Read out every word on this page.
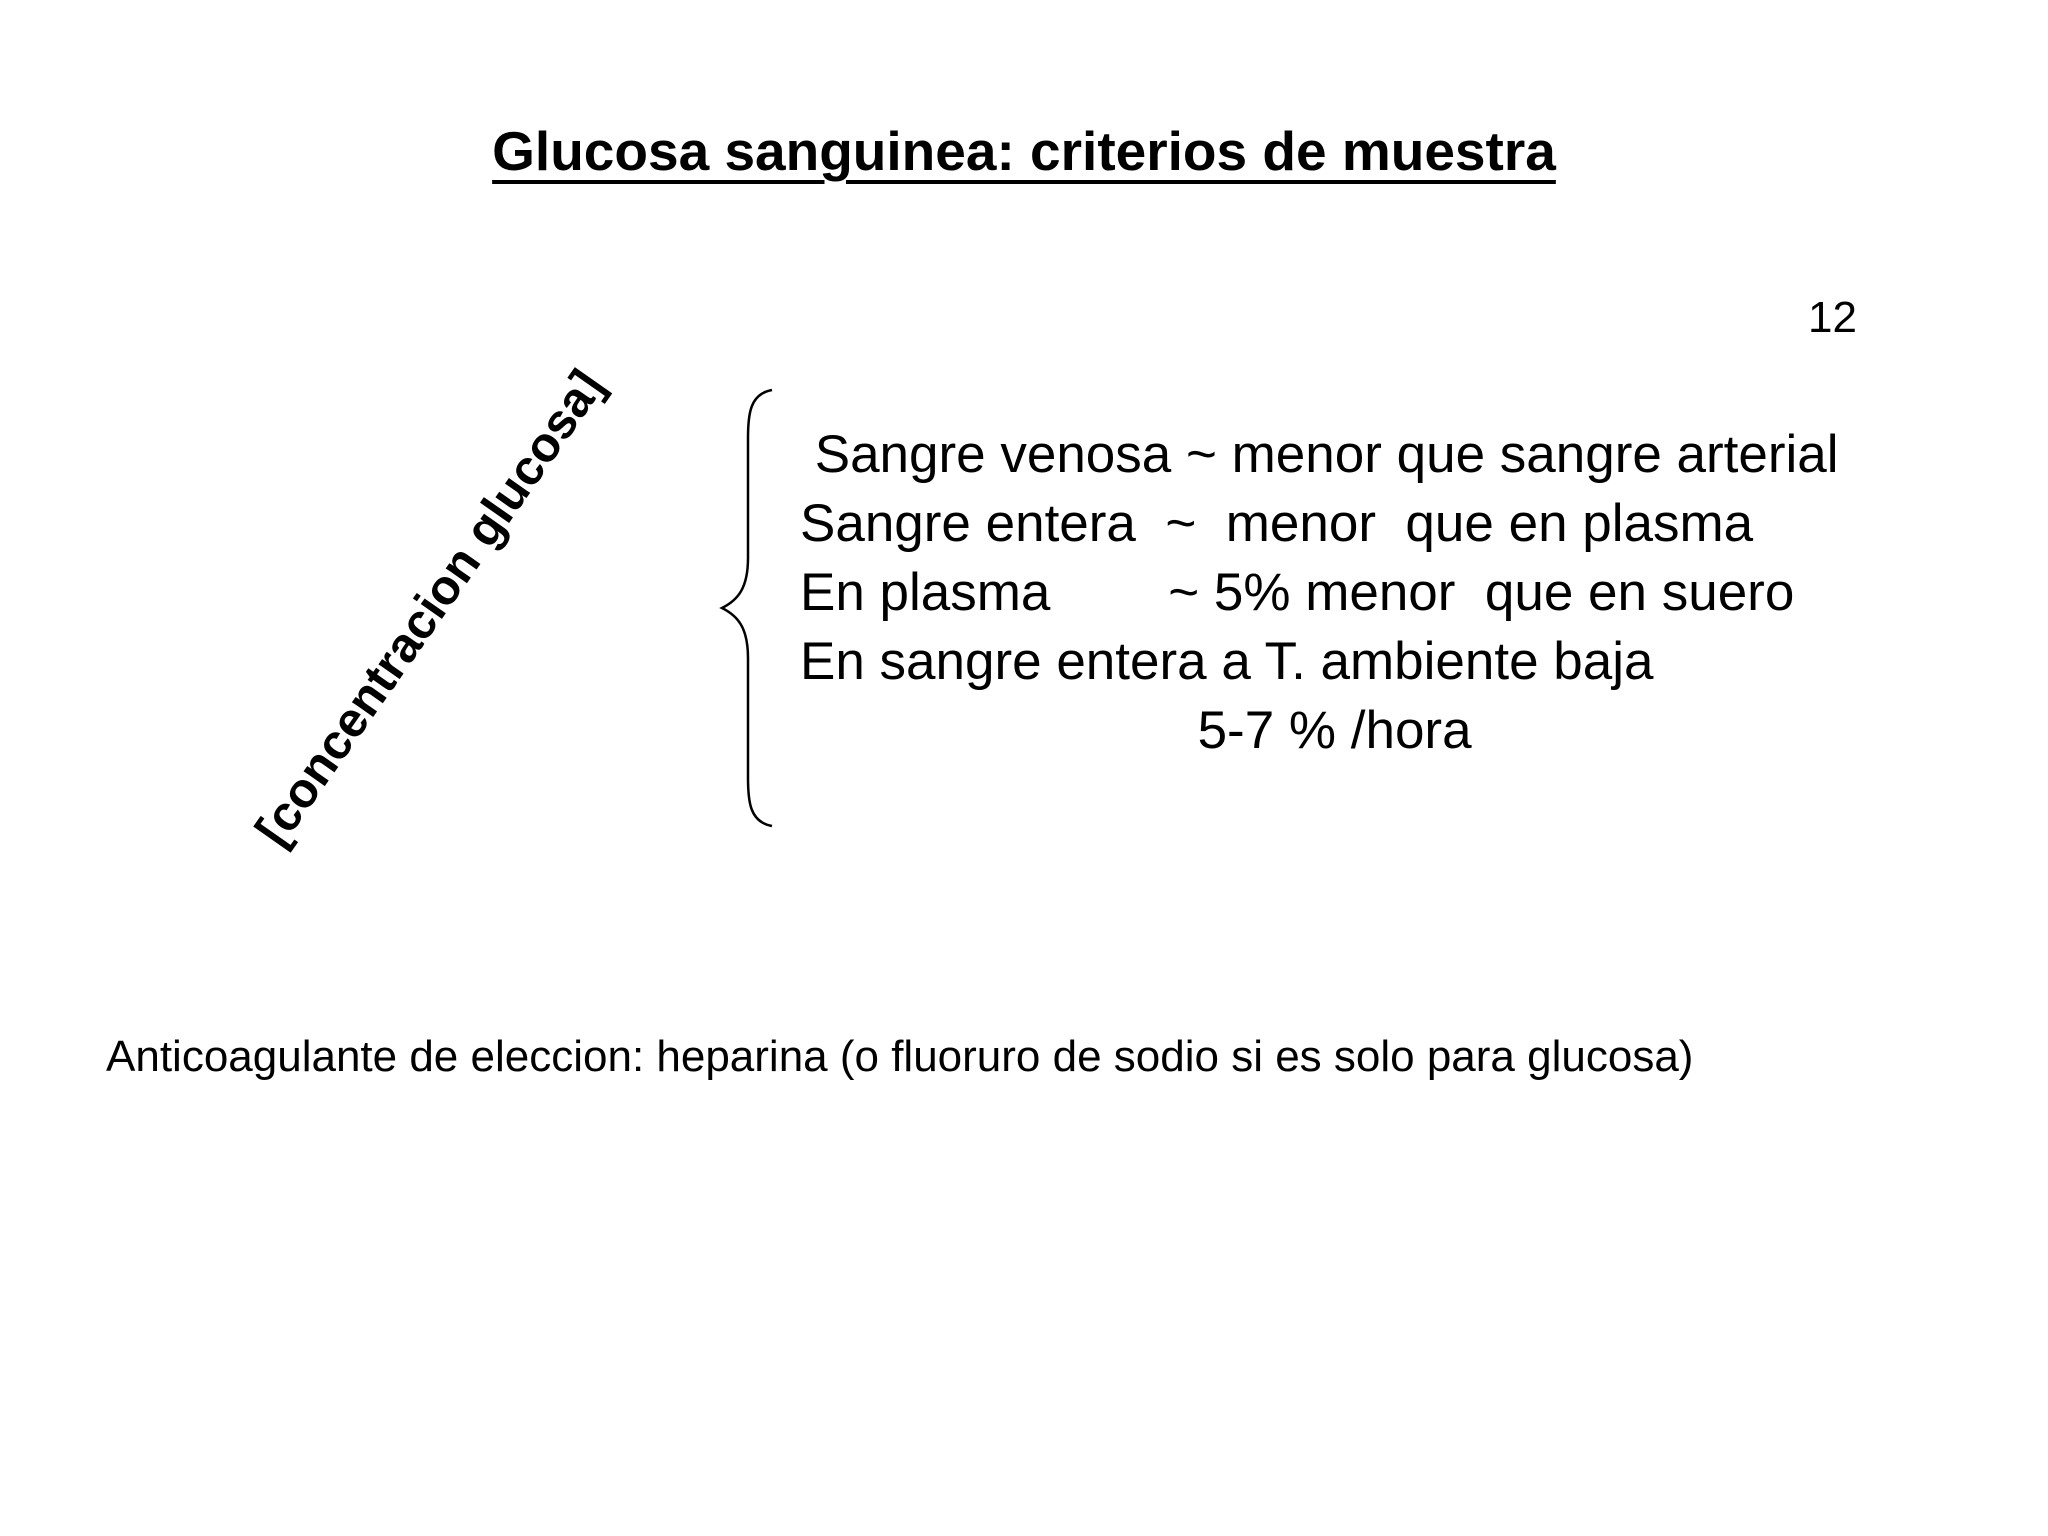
Glucosa sanguinea: criterios de muestra
12
[concentracion glucosa]	Sangre venosa ~ menor que sangre arterial
Sangre entera  ~  menor  que en plasma
En plasma        ~ 5% menor  que en suero
En sangre entera a T. ambiente baja
5-7 % /hora
Anticoagulante de eleccion: heparina (o fluoruro de sodio si es solo para glucosa)
